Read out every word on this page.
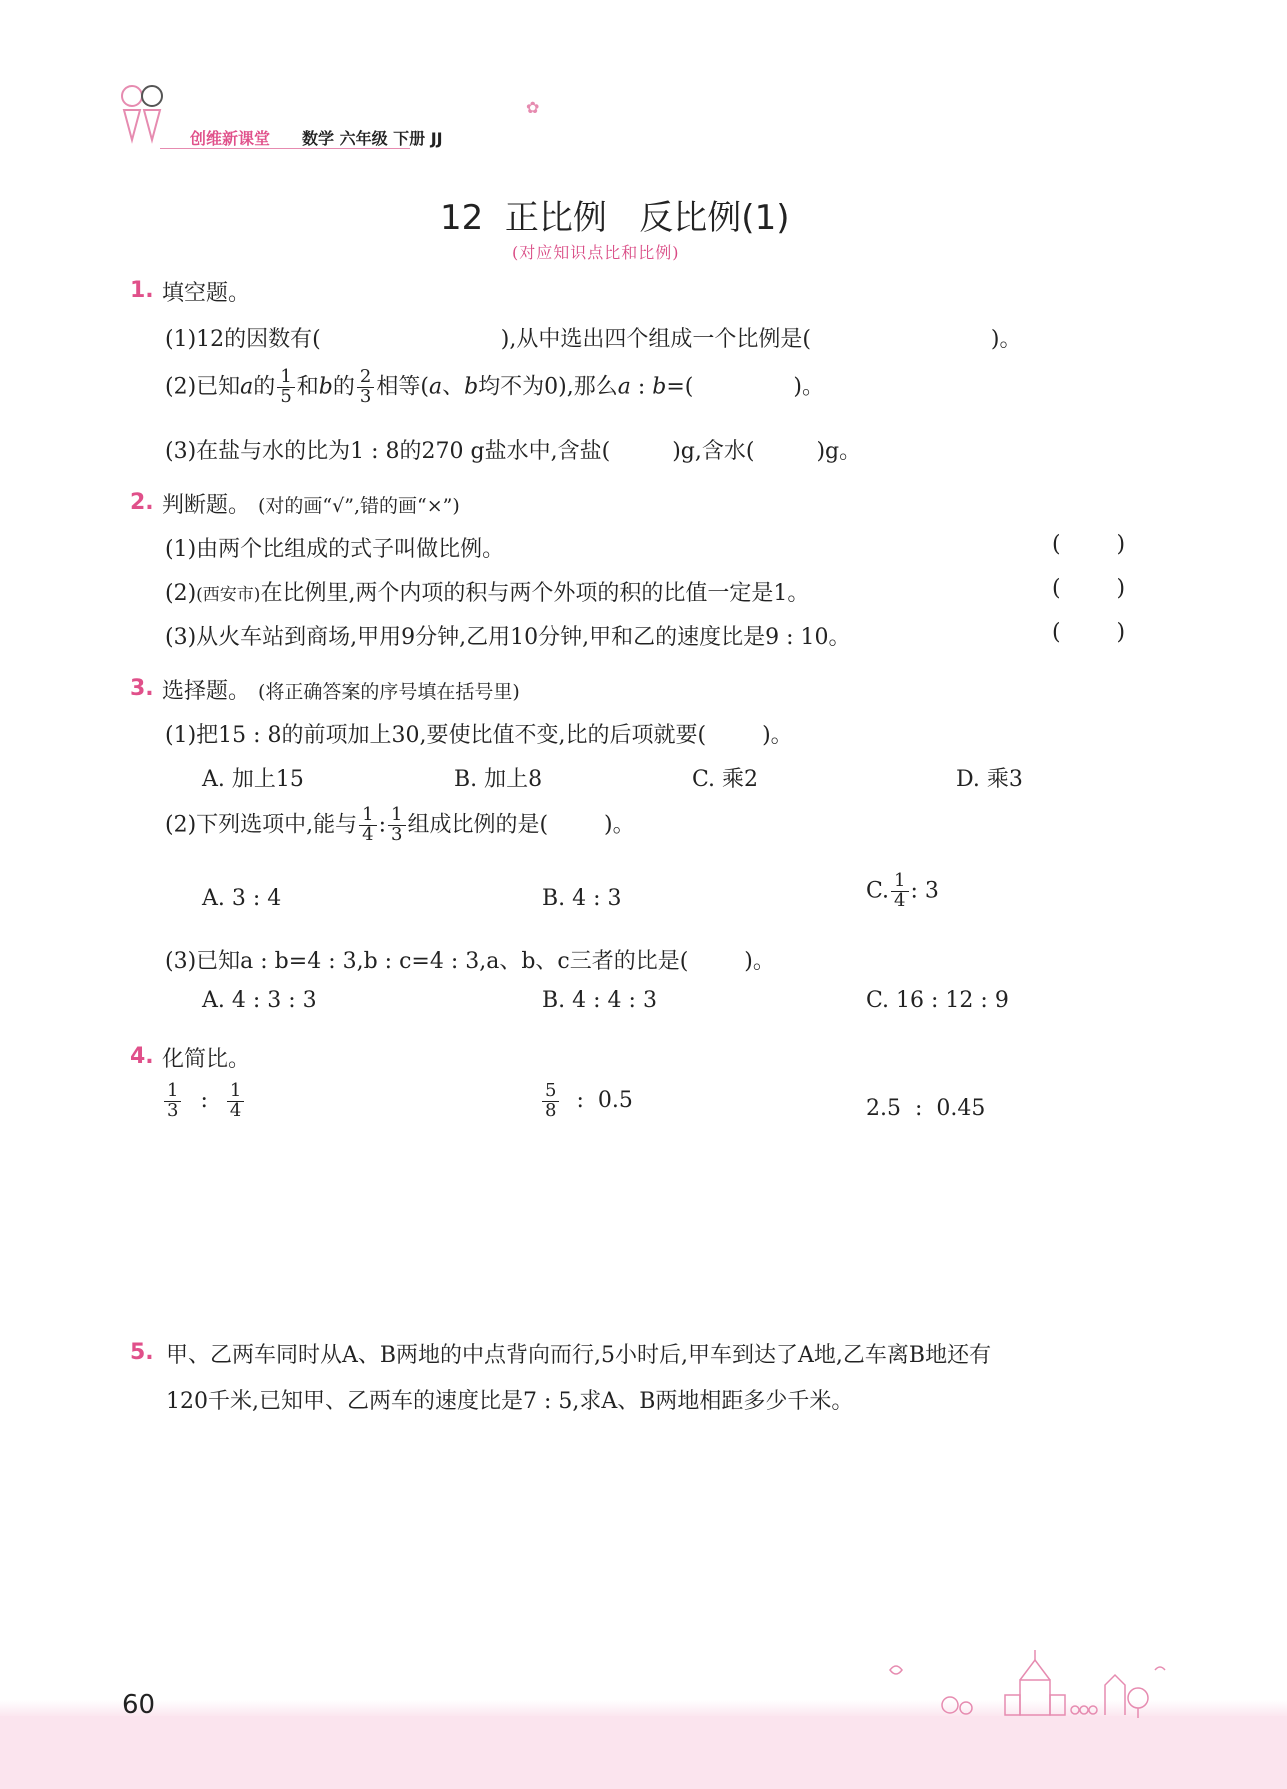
创维新课堂 数学 六年级 下册 JJ
✿
12  正比例   反比例(1)
(对应知识点比和比例)
1. 填空题。
(1)12的因数有(	),从中选出四个组成一个比例是(	)。
(2)已知a的 $\frac{1}{5}$ 和b的 $\frac{2}{3}$ 相等(a、b均不为0),那么a : b=(	)。
(3)在盐与水的比为1 : 8的270 g盐水中,含盐(	)g,含水(	)g。
2. 判断题。 (对的画“√”,错的画“×”)
(1)由两个比组成的式子叫做比例。
(2)(西安市)在比例里,两个内项的积与两个外项的积的比值一定是1。
(3)从火车站到商场,甲用9分钟,乙用10分钟,甲和乙的速度比是9 : 10。
(        )
(        )
(        )
3. 选择题。 (将正确答案的序号填在括号里)
(1)把15 : 8的前项加上30,要使比值不变,比的后项就要(        )。
A. 加上15	B. 加上8	C. 乘2	D. 乘3
(2)下列选项中,能与 $\frac{1}{4}$ : $\frac{1}{3}$ 组成比例的是(        )。
A. 3 : 4	B. 4 : 3	C. $\frac{1}{4}$ : 3
(3)已知a : b=4 : 3,b : c=4 : 3,a、b、c三者的比是(        )。
A. 4 : 3 : 3	B. 4 : 4 : 3	C. 16 : 12 : 9
4. 化简比。
$\frac{1}{3}$ : $\frac{1}{4}$	$\frac{5}{8}$ :  0.5	2.5  :  0.45
5. 甲、乙两车同时从A、B两地的中点背向而行,5小时后,甲车到达了A地,乙车离B地还有
120千米,已知甲、乙两车的速度比是7 : 5,求A、B两地相距多少千米。
60
